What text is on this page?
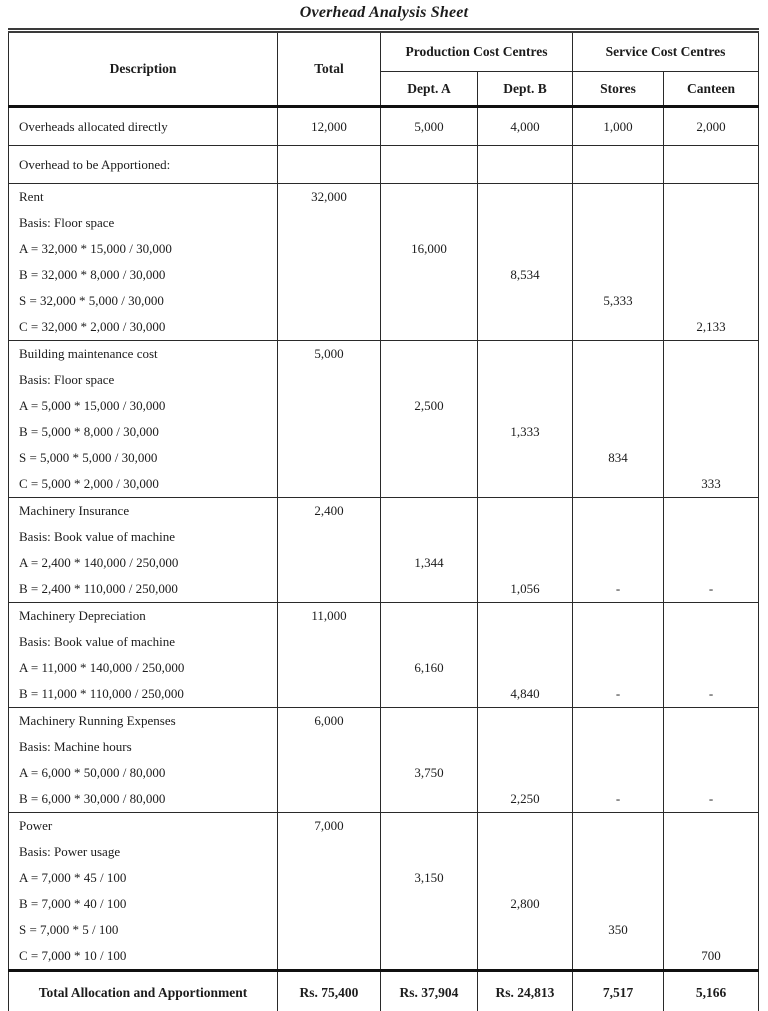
Overhead Analysis Sheet
Description	Total	Production Cost Centres		Service Cost Centres	
		Dept. A	Dept. B	Stores	Canteen
Overheads allocated directly	12,000	5,000	4,000	1,000	2,000
Overhead to be Apportioned:					
Rent	32,000				
Basis: Floor space					
A = 32,000 * 15,000 / 30,000		16,000			
B = 32,000 * 8,000 / 30,000			8,534		
S = 32,000 * 5,000 / 30,000				5,333	
C = 32,000 * 2,000 / 30,000					2,133
Building maintenance cost	5,000				
Basis: Floor space					
A = 5,000 * 15,000 / 30,000		2,500			
B = 5,000 * 8,000 / 30,000			1,333		
S = 5,000 * 5,000 / 30,000				834	
C = 5,000 * 2,000 / 30,000					333
Machinery Insurance	2,400				
Basis: Book value of machine					
A = 2,400 * 140,000 / 250,000		1,344			
B = 2,400 * 110,000 / 250,000			1,056	-	-
Machinery Depreciation	11,000				
Basis: Book value of machine					
A = 11,000 * 140,000 / 250,000		6,160			
B = 11,000 * 110,000 / 250,000			4,840	-	-
Machinery Running Expenses	6,000				
Basis: Machine hours					
A = 6,000 * 50,000 / 80,000		3,750			
B = 6,000 * 30,000 / 80,000			2,250	-	-
Power	7,000				
Basis: Power usage					
A = 7,000 * 45 / 100		3,150			
B = 7,000 * 40 / 100			2,800		
S = 7,000 * 5 / 100				350	
C = 7,000 * 10 / 100					700
Total Allocation and Apportionment	Rs. 75,400	Rs. 37,904	Rs. 24,813	7,517	5,166
